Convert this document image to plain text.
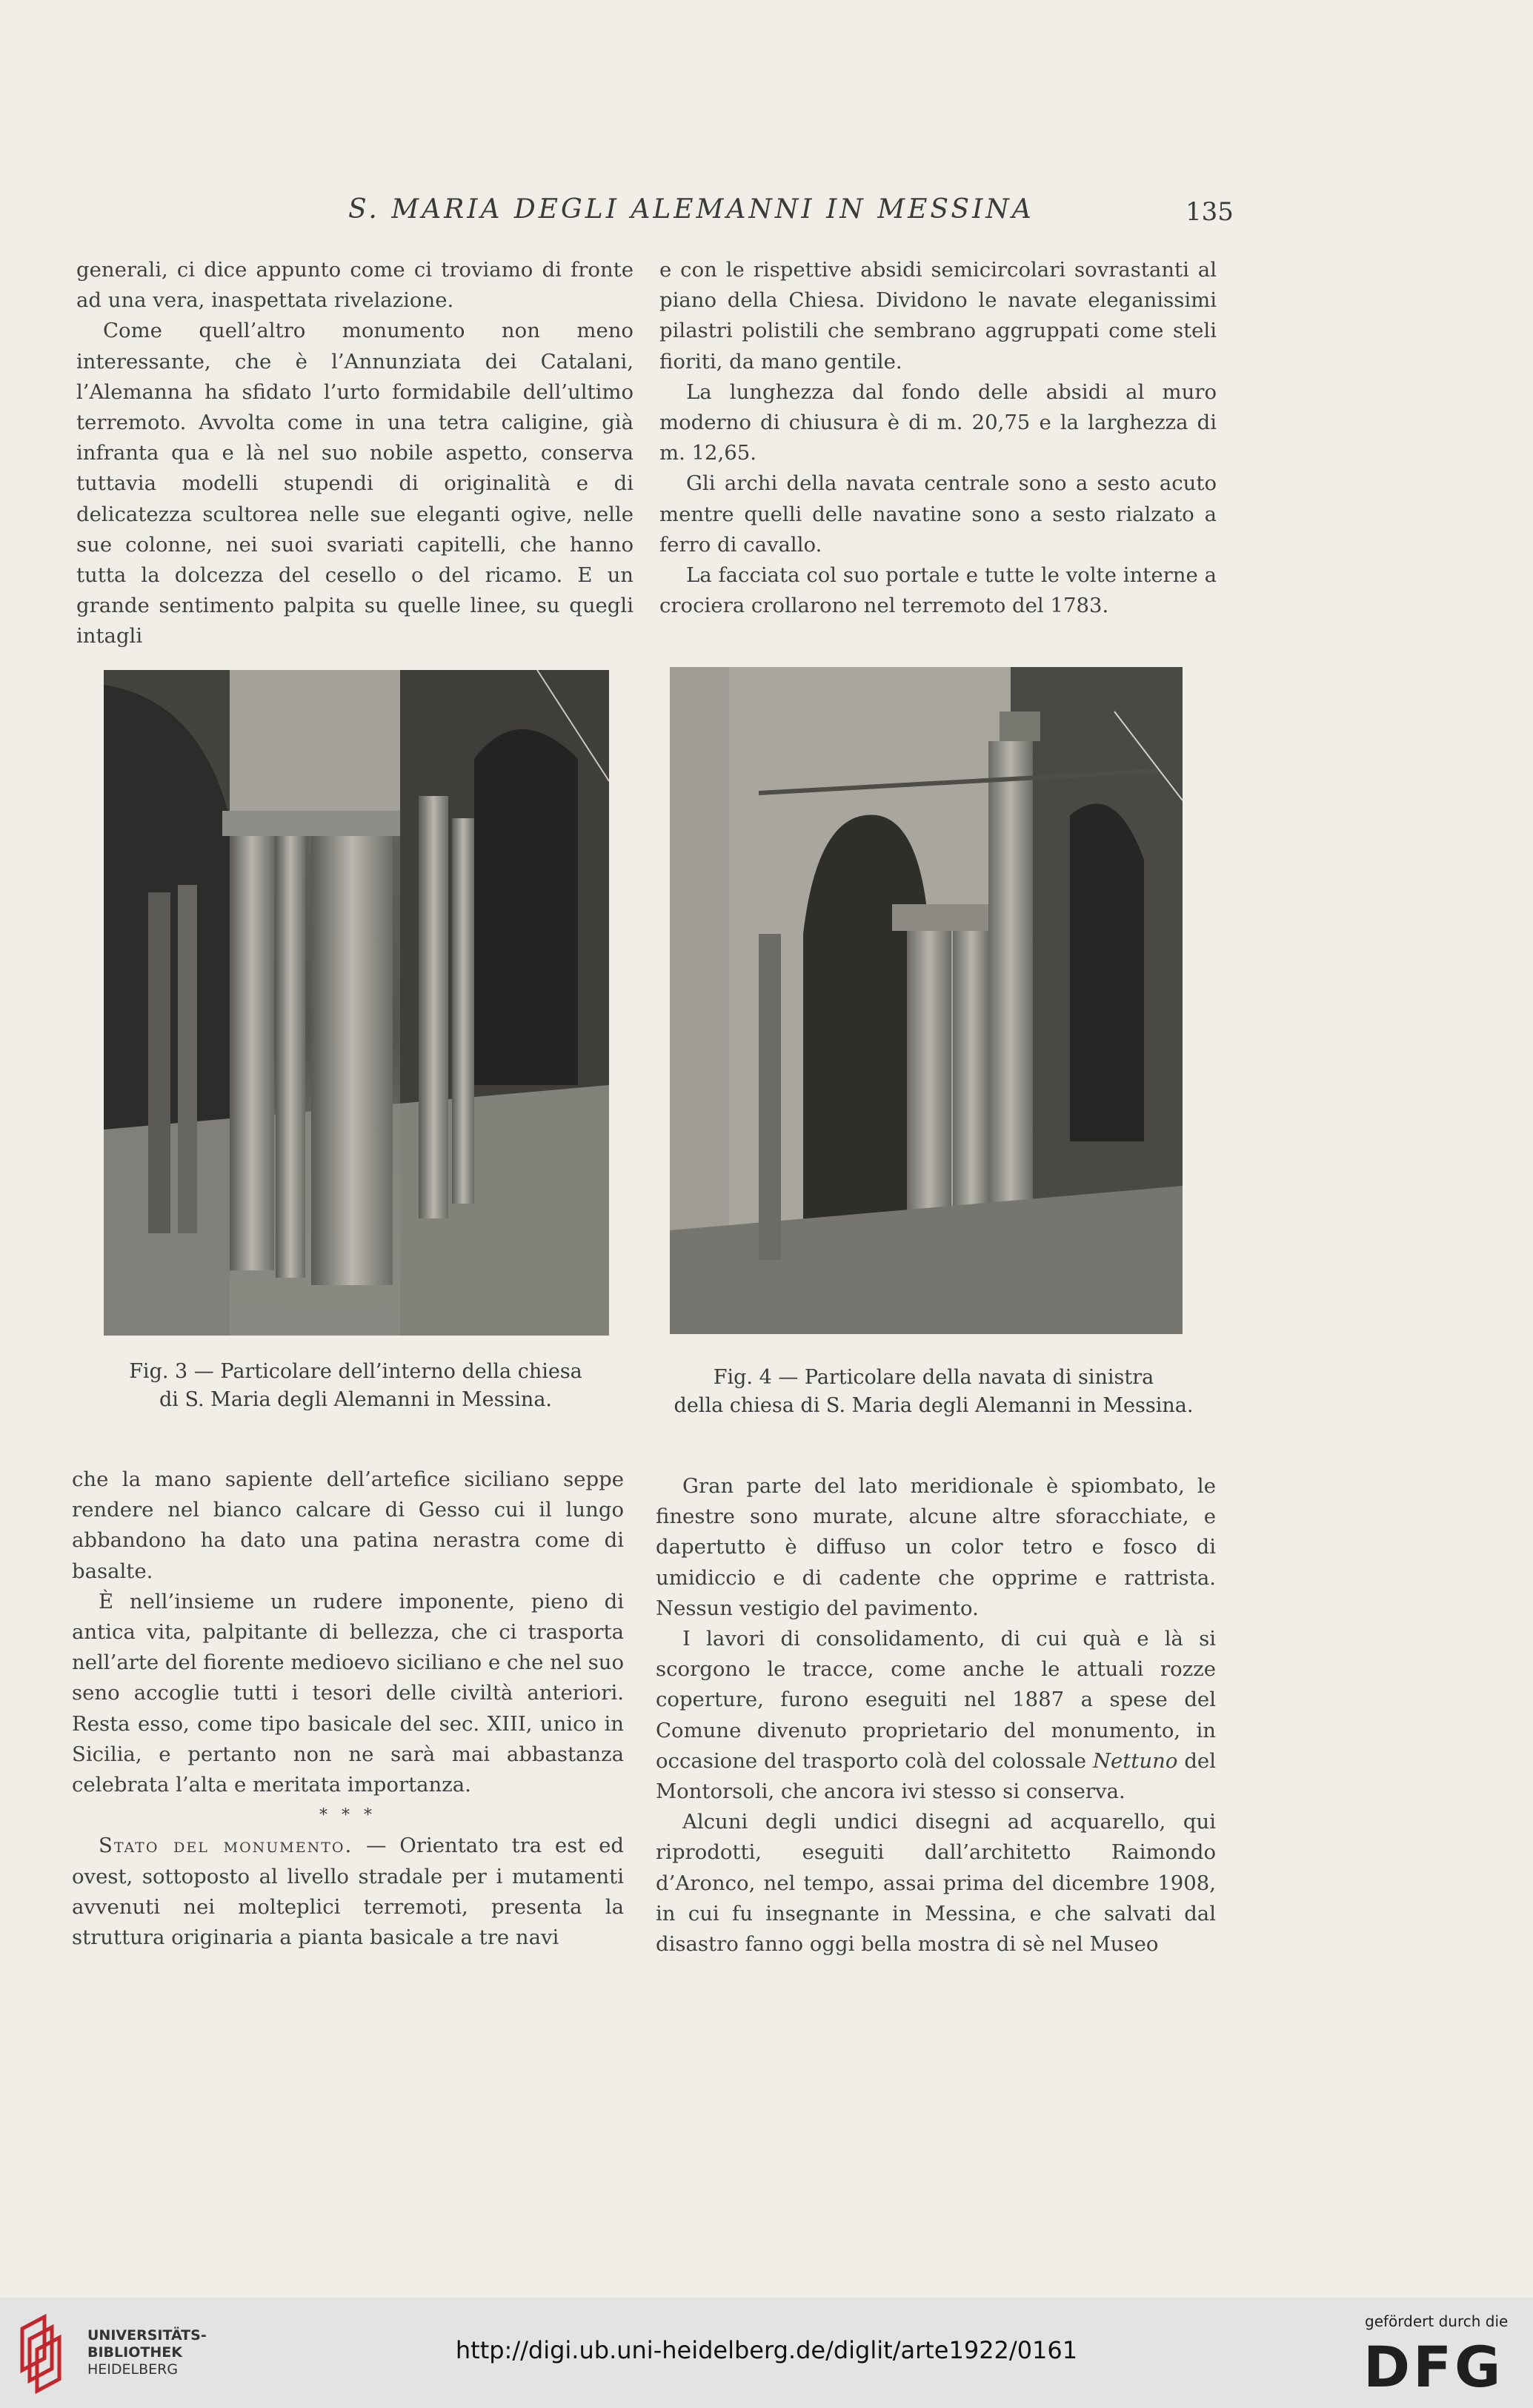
S. MARIA DEGLI ALEMANNI IN MESSINA	135

generali, ci dice appunto come ci troviamo di fronte ad una vera, inaspettata rivelazione.

Come quell’altro monumento non meno interessante, che è l’Annunziata dei Catalani, l’Alemanna ha sfidato l’urto formidabile dell’ultimo terremoto. Avvolta come in una tetra caligine, già infranta qua e là nel suo nobile aspetto, conserva tuttavia modelli stupendi di originalità e di delicatezza scultorea nelle sue eleganti ogive, nelle sue colonne, nei suoi svariati capitelli, che hanno tutta la dolcezza del cesello o del ricamo. E un grande sentimento palpita su quelle linee, su quegli intagli

e con le rispettive absidi semicircolari sovrastanti al piano della Chiesa. Dividono le navate eleganissimi pilastri polistili che sembrano aggruppati come steli fioriti, da mano gentile.

La lunghezza dal fondo delle absidi al muro moderno di chiusura è di m. 20,75 e la larghezza di m. 12,65.

Gli archi della navata centrale sono a sesto acuto mentre quelli delle navatine sono a sesto rialzato a ferro di cavallo.

La facciata col suo portale e tutte le volte interne a crociera crollarono nel terremoto del 1783.

Fig. 3 — Particolare dell’interno della chiesa
di S. Maria degli Alemanni in Messina.
Fig. 4 — Particolare della navata di sinistra
della chiesa di S. Maria degli Alemanni in Messina.

che la mano sapiente dell’artefice siciliano seppe rendere nel bianco calcare di Gesso cui il lungo abbandono ha dato una patina nerastra come di basalte.

È nell’insieme un rudere imponente, pieno di antica vita, palpitante di bellezza, che ci trasporta nell’arte del fiorente medioevo siciliano e che nel suo seno accoglie tutti i tesori delle civiltà anteriori. Resta esso, come tipo basicale del sec. XIII, unico in Sicilia, e pertanto non ne sarà mai abbastanza celebrata l’alta e meritata importanza.

* * *

Stato del monumento. — Orientato tra est ed ovest, sottoposto al livello stradale per i mutamenti avvenuti nei molteplici terremoti, presenta la struttura originaria a pianta basicale a tre navi

Gran parte del lato meridionale è spiombato, le finestre sono murate, alcune altre sforacchiate, e dapertutto è diffuso un color tetro e fosco di umidiccio e di cadente che opprime e rattrista. Nessun vestigio del pavimento.

I lavori di consolidamento, di cui quà e là si scorgono le tracce, come anche le attuali rozze coperture, furono eseguiti nel 1887 a spese del Comune divenuto proprietario del monumento, in occasione del trasporto colà del colossale Nettuno del Montorsoli, che ancora ivi stesso si conserva.

Alcuni degli undici disegni ad acquarello, qui riprodotti, eseguiti dall’architetto Raimondo d’Aronco, nel tempo, assai prima del dicembre 1908, in cui fu insegnante in Messina, e che salvati dal disastro fanno oggi bella mostra di sè nel Museo

UNIVERSITÄTS-
BIBLIOTHEK
HEIDELBERG
http://digi.ub.uni-heidelberg.de/diglit/arte1922/0161
gefördert durch die
DFG
